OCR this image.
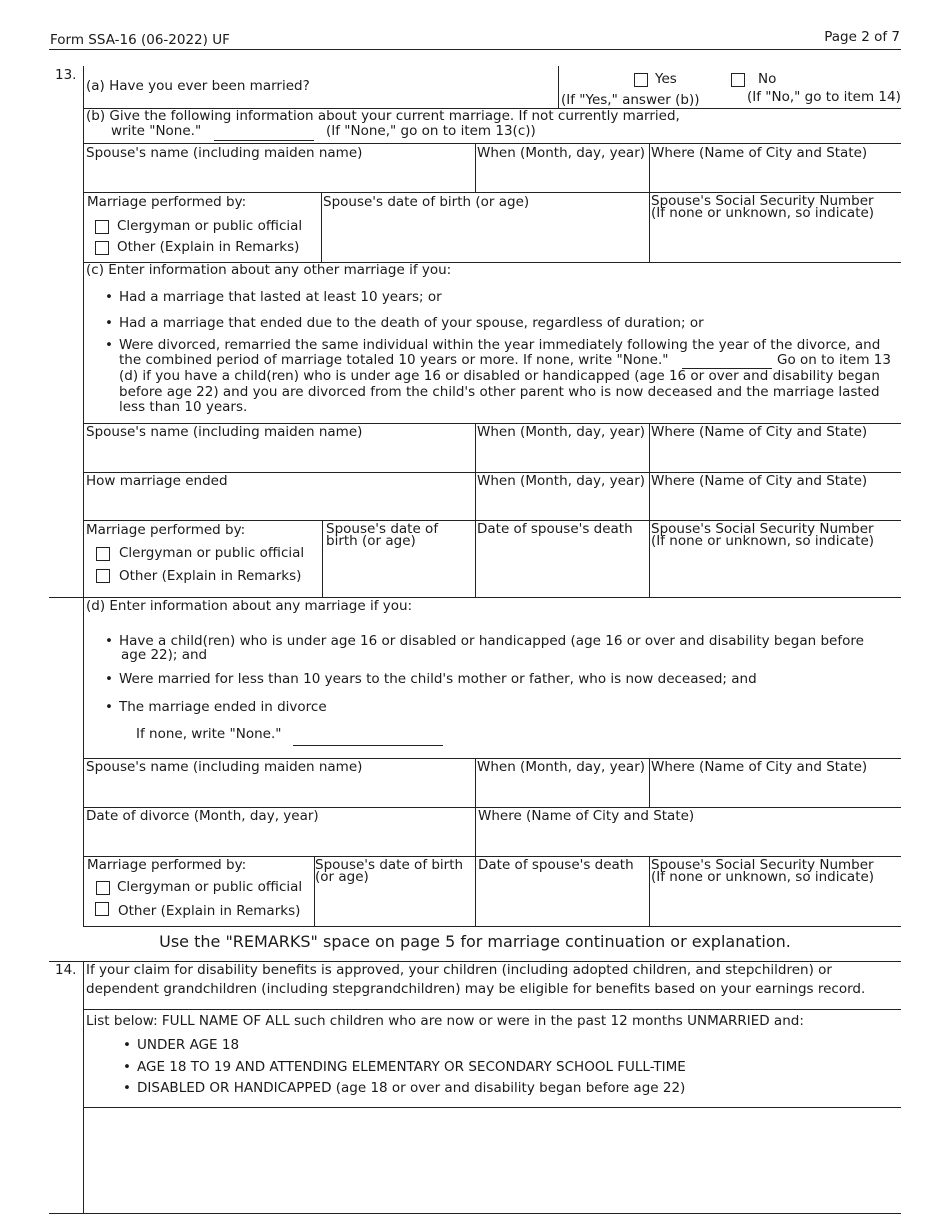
Form SSA-16 (06-2022) UF	Page 2 of 7
13.
(a) Have you ever been married?	Yes	No
(If "Yes," answer (b))	(If "No," go to item 14)
(b) Give the following information about your current marriage. If not currently married,
write "None."	(If "None," go on to item 13(c))
Spouse's name (including maiden name)	When (Month, day, year) Where (Name of City and State)
Marriage performed by:
Clergyman or public official
Other (Explain in Remarks)
Spouse's date of birth (or age)	Spouse's Social Security Number
(If none or unknown, so indicate)
(c) Enter information about any other marriage if you:
• Had a marriage that lasted at least 10 years; or
• Had a marriage that ended due to the death of your spouse, regardless of duration; or
• Were divorced, remarried the same individual within the year immediately following the year of the divorce, and
the combined period of marriage totaled 10 years or more. If none, write "None."	Go on to item 13
(d) if you have a child(ren) who is under age 16 or disabled or handicapped (age 16 or over and disability began
before age 22) and you are divorced from the child's other parent who is now deceased and the marriage lasted
less than 10 years.
Spouse's name (including maiden name)	When (Month, day, year) Where (Name of City and State)
How marriage ended	When (Month, day, year) Where (Name of City and State)
Marriage performed by:
Clergyman or public official
Other (Explain in Remarks)
Spouse's date of
birth (or age)
Date of spouse's death Spouse's Social Security Number
(If none or unknown, so indicate)
(d) Enter information about any marriage if you:
• Have a child(ren) who is under age 16 or disabled or handicapped (age 16 or over and disability began before
age 22); and
• Were married for less than 10 years to the child's mother or father, who is now deceased; and
• The marriage ended in divorce
If none, write "None."
Spouse's name (including maiden name)	When (Month, day, year) Where (Name of City and State)
Date of divorce (Month, day, year)	Where (Name of City and State)
Marriage performed by:
Clergyman or public official
Other (Explain in Remarks)
Spouse's date of birth
(or age)
Date of spouse's death Spouse's Social Security Number
(If none or unknown, so indicate)
Use the "REMARKS" space on page 5 for marriage continuation or explanation.
14. If your claim for disability benefits is approved, your children (including adopted children, and stepchildren) or
dependent grandchildren (including stepgrandchildren) may be eligible for benefits based on your earnings record.
List below: FULL NAME OF ALL such children who are now or were in the past 12 months UNMARRIED and:
• UNDER AGE 18
• AGE 18 TO 19 AND ATTENDING ELEMENTARY OR SECONDARY SCHOOL FULL-TIME
• DISABLED OR HANDICAPPED (age 18 or over and disability began before age 22)
